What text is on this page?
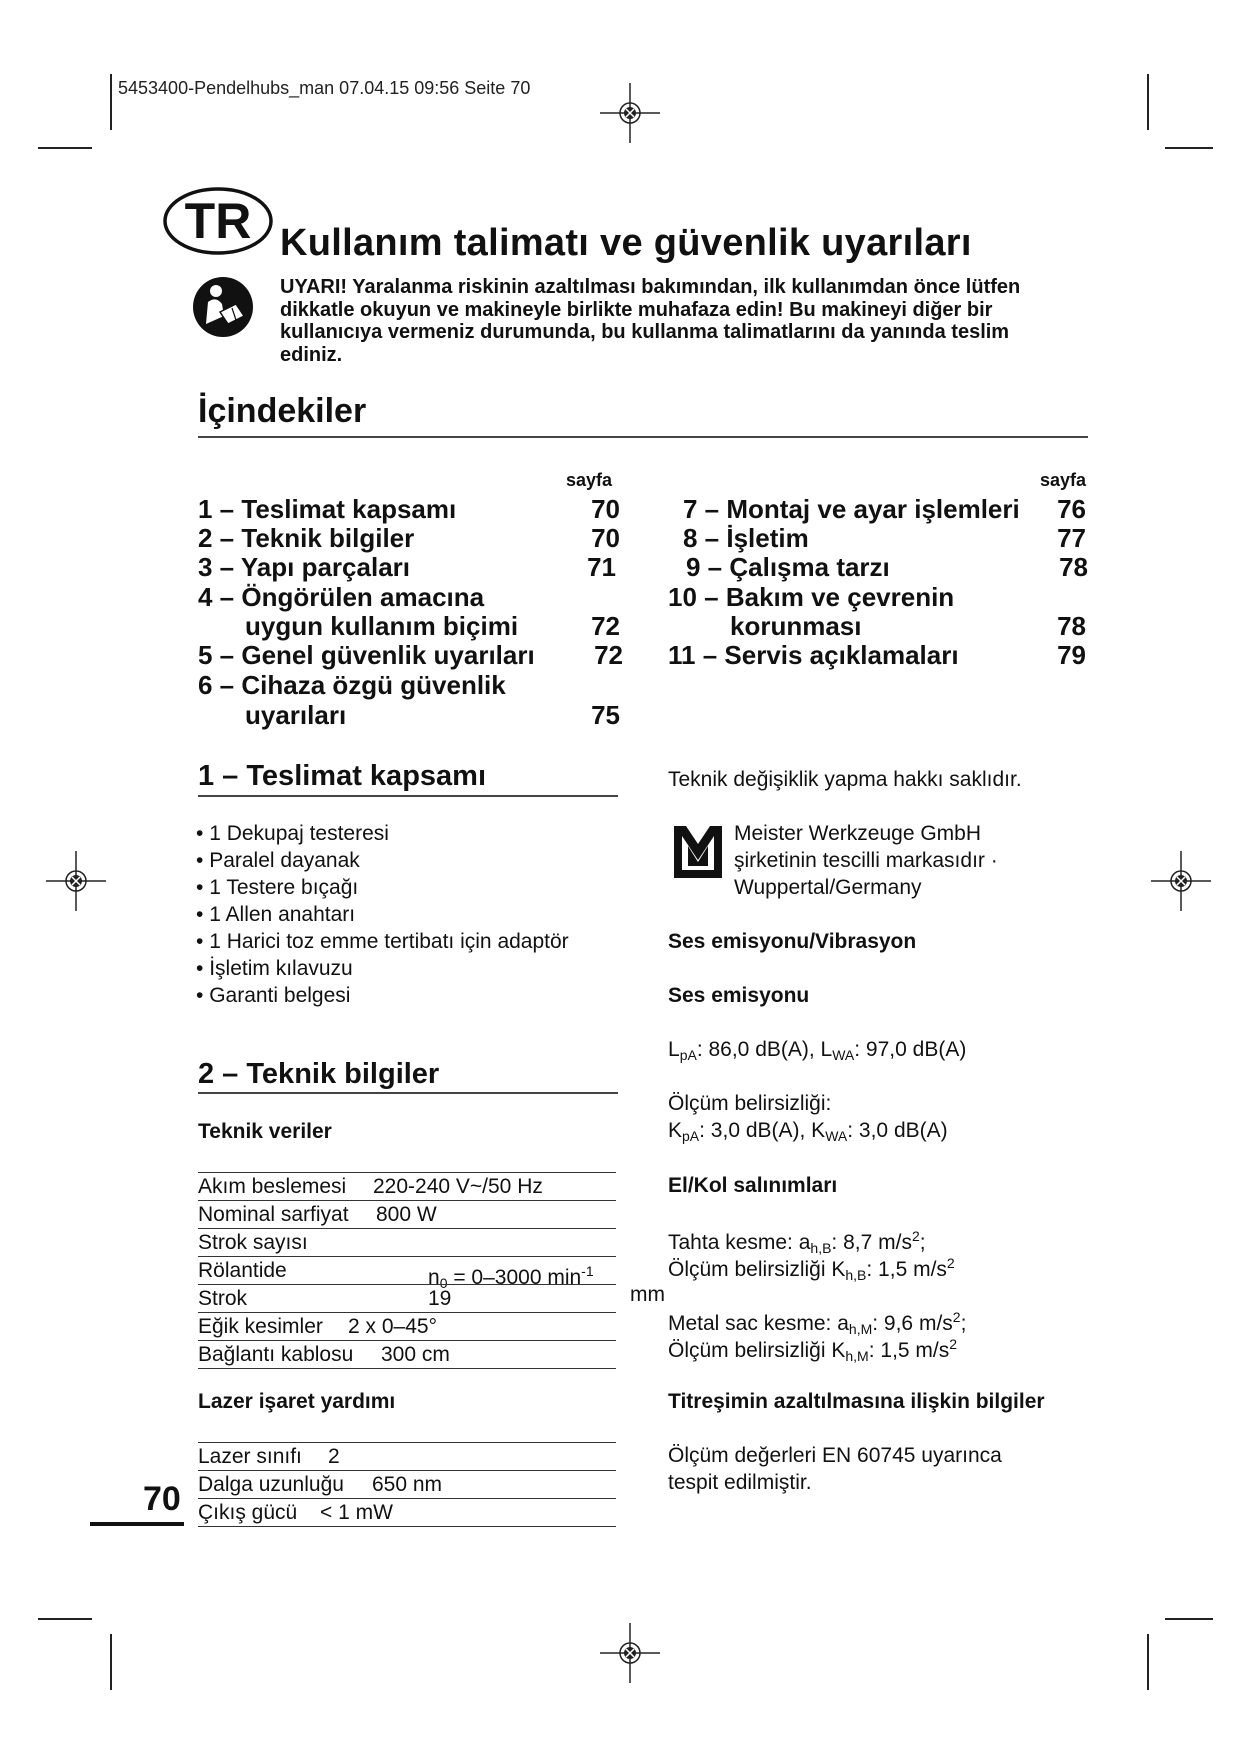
5453400-Pendelhubs_man 07.04.15 09:56 Seite 70
TR Kullanım talimatı ve güvenlik uyarıları
UYARI! Yaralanma riskinin azaltılması bakımından, ilk kullanımdan önce lütfen dikkatle okuyun ve makineyle birlikte muhafaza edin! Bu makineyi diğer bir kullanıcıya vermeniz durumunda, bu kullanma talimatlarını da yanında teslim ediniz.
İçindekiler
sayfa	sayfa
1 – Teslimat kapsamı	70
2 – Teknik bilgiler	70
3 – Yapı parçaları	71
4 – Öngörülen amacına
uygun kullanım biçimi	72
5 – Genel güvenlik uyarıları	72
6 – Cihaza özgü güvenlik
uyarıları	75
7 – Montaj ve ayar işlemleri	76
8 – İşletim	77
9 – Çalışma tarzı	78
10 – Bakım ve çevrenin
korunması	78
11 – Servis açıklamaları	79
1 – Teslimat kapsamı
• 1 Dekupaj testeresi
• Paralel dayanak
• 1 Testere bıçağı
• 1 Allen anahtarı
• 1 Harici toz emme tertibatı için adaptör
• İşletim kılavuzu
• Garanti belgesi
2 – Teknik bilgiler
Teknik veriler
Akım beslemesi 220-240 V~/50 Hz
Nominal sarfiyat 800 W
Strok sayısı
Rölantide	$n_0 = 0-3000$ $\min^{-1}$
Strok	19
Eğik kesimler 2 x 0–45°
Bağlantı kablosu 300 cm
mm
Lazer işaret yardımı
Lazer sınıfı 2
Dalga uzunluğu 650 nm
Çıkış gücü < 1 mW
Teknik değişiklik yapma hakkı saklıdır.
Meister Werkzeuge GmbH
şirketinin tescilli markasıdır ·
Wuppertal/Germany
Ses emisyonu/Vibrasyon
Ses emisyonu
$L_{pA}$: 86,0 dB(A), $L_{WA}$: 97,0 dB(A)
Ölçüm belirsizliği:
$K_{pA}$: 3,0 dB(A), $K_{WA}$: 3,0 dB(A)
El/Kol salınımları
Tahta kesme: $a_{h,B}$: 8,7 $m/s^2$;
Ölçüm belirsizliği $K_{h,B}$: 1,5 $m/s^2$
Metal sac kesme: $a_{h,M}$: 9,6 $m/s^2$;
Ölçüm belirsizliği $K_{h,M}$: 1,5 $m/s^2$
Titreşimin azaltılmasına ilişkin bilgiler
Ölçüm değerleri EN 60745 uyarınca
tespit edilmiştir.
70
